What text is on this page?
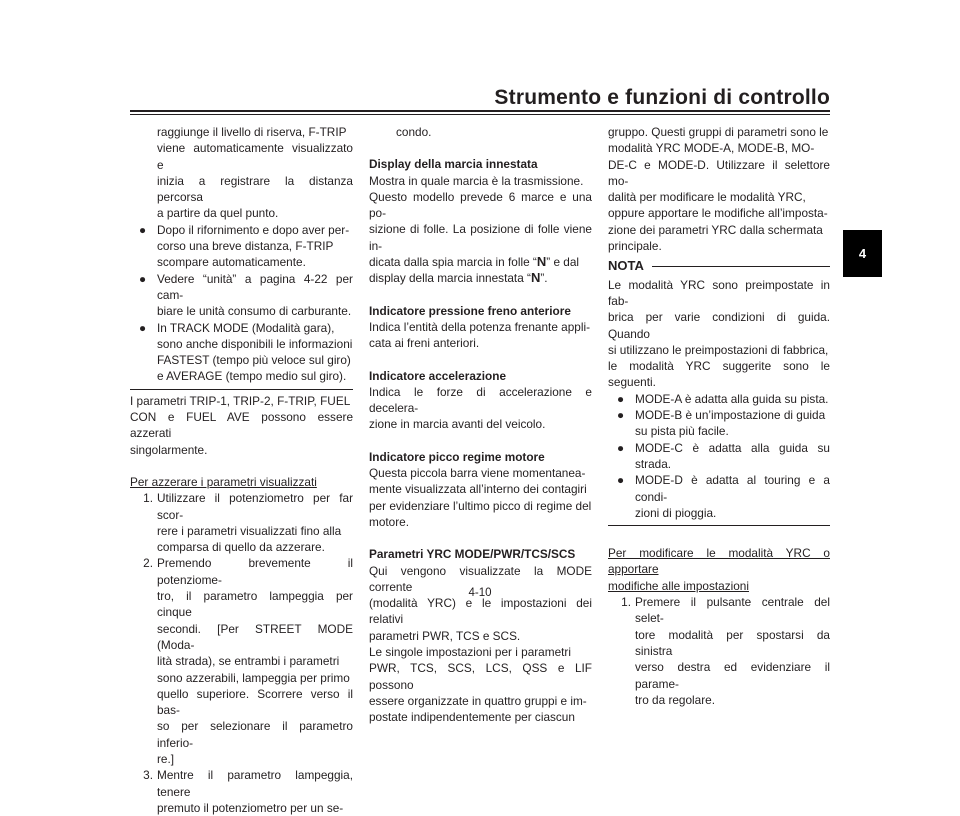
Strumento e funzioni di controllo
4
raggiunge il livello di riserva, F-TRIP
viene automaticamente visualizzato e
inizia a registrare la distanza percorsa
a partire da quel punto.
● Dopo il rifornimento e dopo aver per-
corso una breve distanza, F-TRIP
scompare automaticamente.
● Vedere “unità” a pagina 4-22 per cam-
biare le unità consumo di carburante.
● In TRACK MODE (Modalità gara),
sono anche disponibili le informazioni
FASTEST (tempo più veloce sul giro)
e AVERAGE (tempo medio sul giro).
I parametri TRIP-1, TRIP-2, F-TRIP, FUEL
CON e FUEL AVE possono essere azzerati
singolarmente.
Per azzerare i parametri visualizzati
1. Utilizzare il potenziometro per far scor-
rere i parametri visualizzati fino alla
comparsa di quello da azzerare.
2. Premendo brevemente il potenziome-
tro, il parametro lampeggia per cinque
secondi. [Per STREET MODE (Moda-
lità strada), se entrambi i parametri
sono azzerabili, lampeggia per primo
quello superiore. Scorrere verso il bas-
so per selezionare il parametro inferio-
re.]
3. Mentre il parametro lampeggia, tenere
premuto il potenziometro per un se-
condo.
Display della marcia innestata
Mostra in quale marcia è la trasmissione.
Questo modello prevede 6 marce e una po-
sizione di folle. La posizione di folle viene in-
dicata dalla spia marcia in folle “N” e dal
display della marcia innestata “N”.
Indicatore pressione freno anteriore
Indica l’entità della potenza frenante appli-
cata ai freni anteriori.
Indicatore accelerazione
Indica le forze di accelerazione e decelera-
zione in marcia avanti del veicolo.
Indicatore picco regime motore
Questa piccola barra viene momentanea-
mente visualizzata all’interno dei contagiri
per evidenziare l’ultimo picco di regime del
motore.
Parametri YRC MODE/PWR/TCS/SCS
Qui vengono visualizzate la MODE corrente
(modalità YRC) e le impostazioni dei relativi
parametri PWR, TCS e SCS.
Le singole impostazioni per i parametri
PWR, TCS, SCS, LCS, QSS e LIF possono
essere organizzate in quattro gruppi e im-
postate indipendentemente per ciascun
gruppo. Questi gruppi di parametri sono le
modalità YRC MODE-A, MODE-B, MO-
DE-C e MODE-D. Utilizzare il selettore mo-
dalità per modificare le modalità YRC,
oppure apportare le modifiche all’imposta-
zione dei parametri YRC dalla schermata
principale.
NOTA
Le modalità YRC sono preimpostate in fab-
brica per varie condizioni di guida. Quando
si utilizzano le preimpostazioni di fabbrica,
le modalità YRC suggerite sono le seguenti.
● MODE-A è adatta alla guida su pista.
● MODE-B è un’impostazione di guida
su pista più facile.
● MODE-C è adatta alla guida su strada.
● MODE-D è adatta al touring e a condi-
zioni di pioggia.
Per modificare le modalità YRC o apportare
modifiche alle impostazioni
1. Premere il pulsante centrale del selet-
tore modalità per spostarsi da sinistra
verso destra ed evidenziare il parame-
tro da regolare.
4-10
